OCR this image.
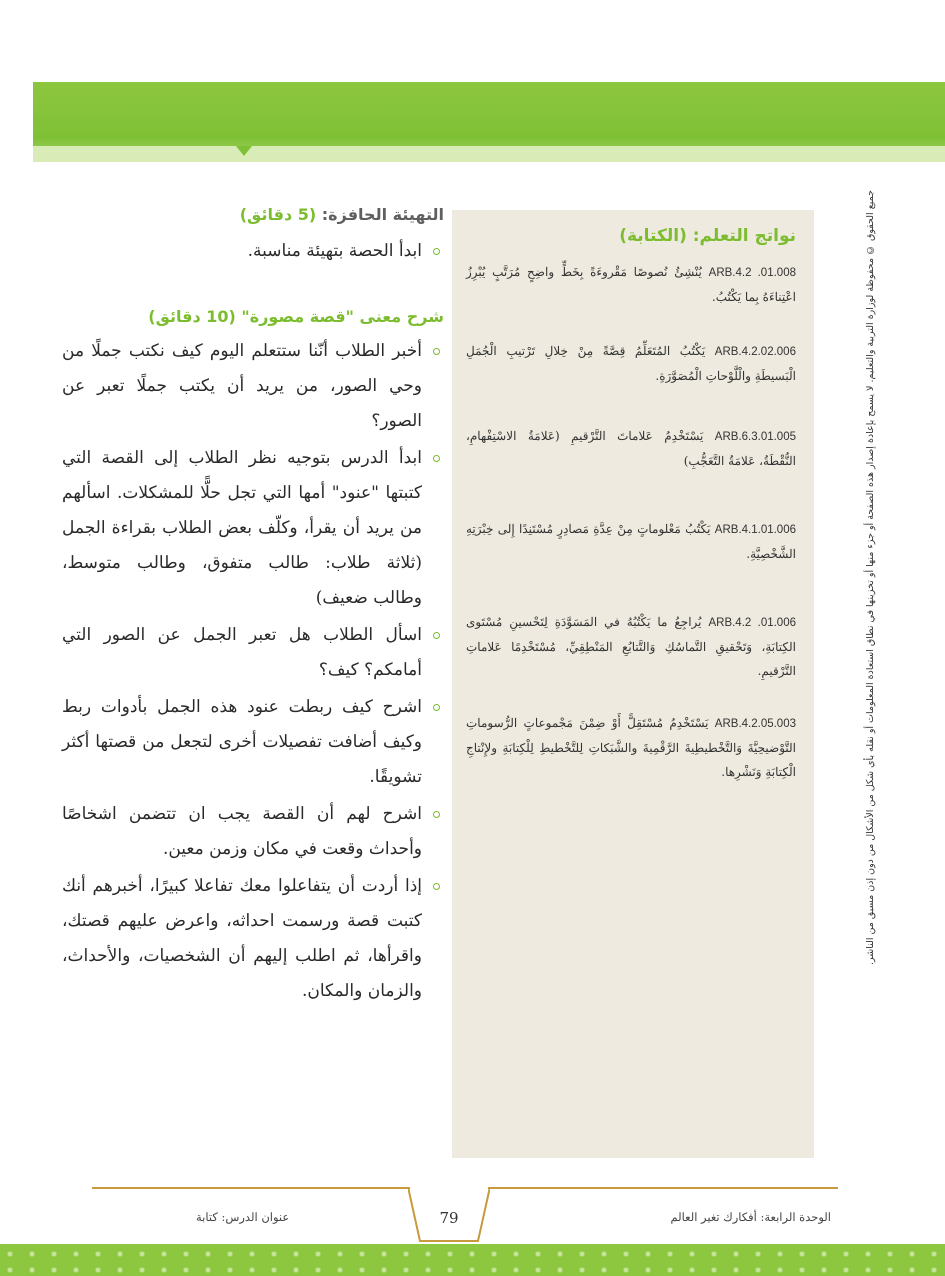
جميع الحقوق © محفوظة لوزارة التربية والتعليم. لا يسمح بإعادة إصدار هذه الصفحة أو جزء منها أو تخزينها في نطاق استعادة المعلومات أو نقله بأي شكل من الأشكال من دون إذن مسبق من الناشر.
نواتج التعلم: (الكتابة)
ARB.4.2 .01.008 يُنْشِئُ نُصوصًا مَقْروءَةً بِخَطٍّ واضِحٍ مُرَتَّبٍ يُبْرِزُ اعْتِناءَهُ بِما يَكْتُبُ.
ARB.4.2.02.006 يَكْتُبُ المُتَعَلِّمُ قِصَّةً مِنْ خِلالِ تَرْتيبِ الْجُمَلِ الْبَسيطَةِ والْلَّوْحاتِ الْمُصَوَّرَةِ.
ARB.6.3.01.005 يَسْتَخْدِمُ عَلاماتَ التَّرْقيمِ (عَلامَةُ الاسْتِفْهامِ، النُّقْطَةُ، عَلامَةُ التَّعَجُّبِ)
ARB.4.1.01.006 يَكْتُبُ مَعْلوماتٍ مِنْ عِدَّةِ مَصادِرٍ مُسْتَنِدًا إِلى خِبْرَتِهِ الشَّخْصِيَّةِ.
ARB.4.2 .01.006 يُراجِعُ ما يَكْتُبُهُ في المَسَوَّدَةِ لِتَحْسينِ مُسْتَوى الكِتابَةِ، وَتَحْقيقِ التَّماسُكِ وَالتَّتابُعِ المَنْطِقِيِّ، مُسْتَخْدِمًا عَلاماتِ التَّرْقيمِ.
ARB.4.2.05.003 يَسْتَخْدِمُ مُسْتَقِلًّ أَوْ ضِمْنَ مَجْموعاتٍ الرُّسوماتِ التَّوْضيحِيَّةَ وَالتَّخْطيطِيةَ الرَّقْمِيةَ والشَّبَكاتِ لِلتَّخْطيطِ لِلْكِتابَةِ ولإِنْتاجِ الْكِتابَةِ وَنَشْرِها.
التهيئة الحافزة: (5 دقائق)
ابدأ الحصة بتهيئة مناسبة.
شرح معنى "قصة مصورة" (10 دقائق)
أخبر الطلاب أنّنا ستتعلم اليوم كيف نكتب جملًا من وحي الصور، من يريد أن يكتب جملًا تعبر عن الصور؟
ابدأ الدرس بتوجيه نظر الطلاب إلى القصة التي كتبتها "عنود" أمها التي تجل حلًّا للمشكلات. اسألهم من يريد أن يقرأ، وكلّف بعض الطلاب بقراءة الجمل (ثلاثة طلاب: طالب متفوق، وطالب متوسط، وطالب ضعيف)
اسأل الطلاب هل تعبر الجمل عن الصور التي أمامكم؟ كيف؟
اشرح كيف ربطت عنود هذه الجمل بأدوات ربط وكيف أضافت تفصيلات أخرى لتجعل من قصتها أكثر تشويقًا.
اشرح لهم أن القصة يجب ان تتضمن اشخاصًا وأحداث وقعت في مكان وزمن معين.
إذا أردت أن يتفاعلوا معك تفاعلا كبيرًا، أخبرهم أنك كتبت قصة ورسمت احداثه، واعرض عليهم قصتك، واقرأها، ثم اطلب إليهم أن الشخصيات، والأحداث، والزمان والمكان.
79	الوحدة الرابعة: أفكارك تغير العالم
عنوان الدرس: كتابة
